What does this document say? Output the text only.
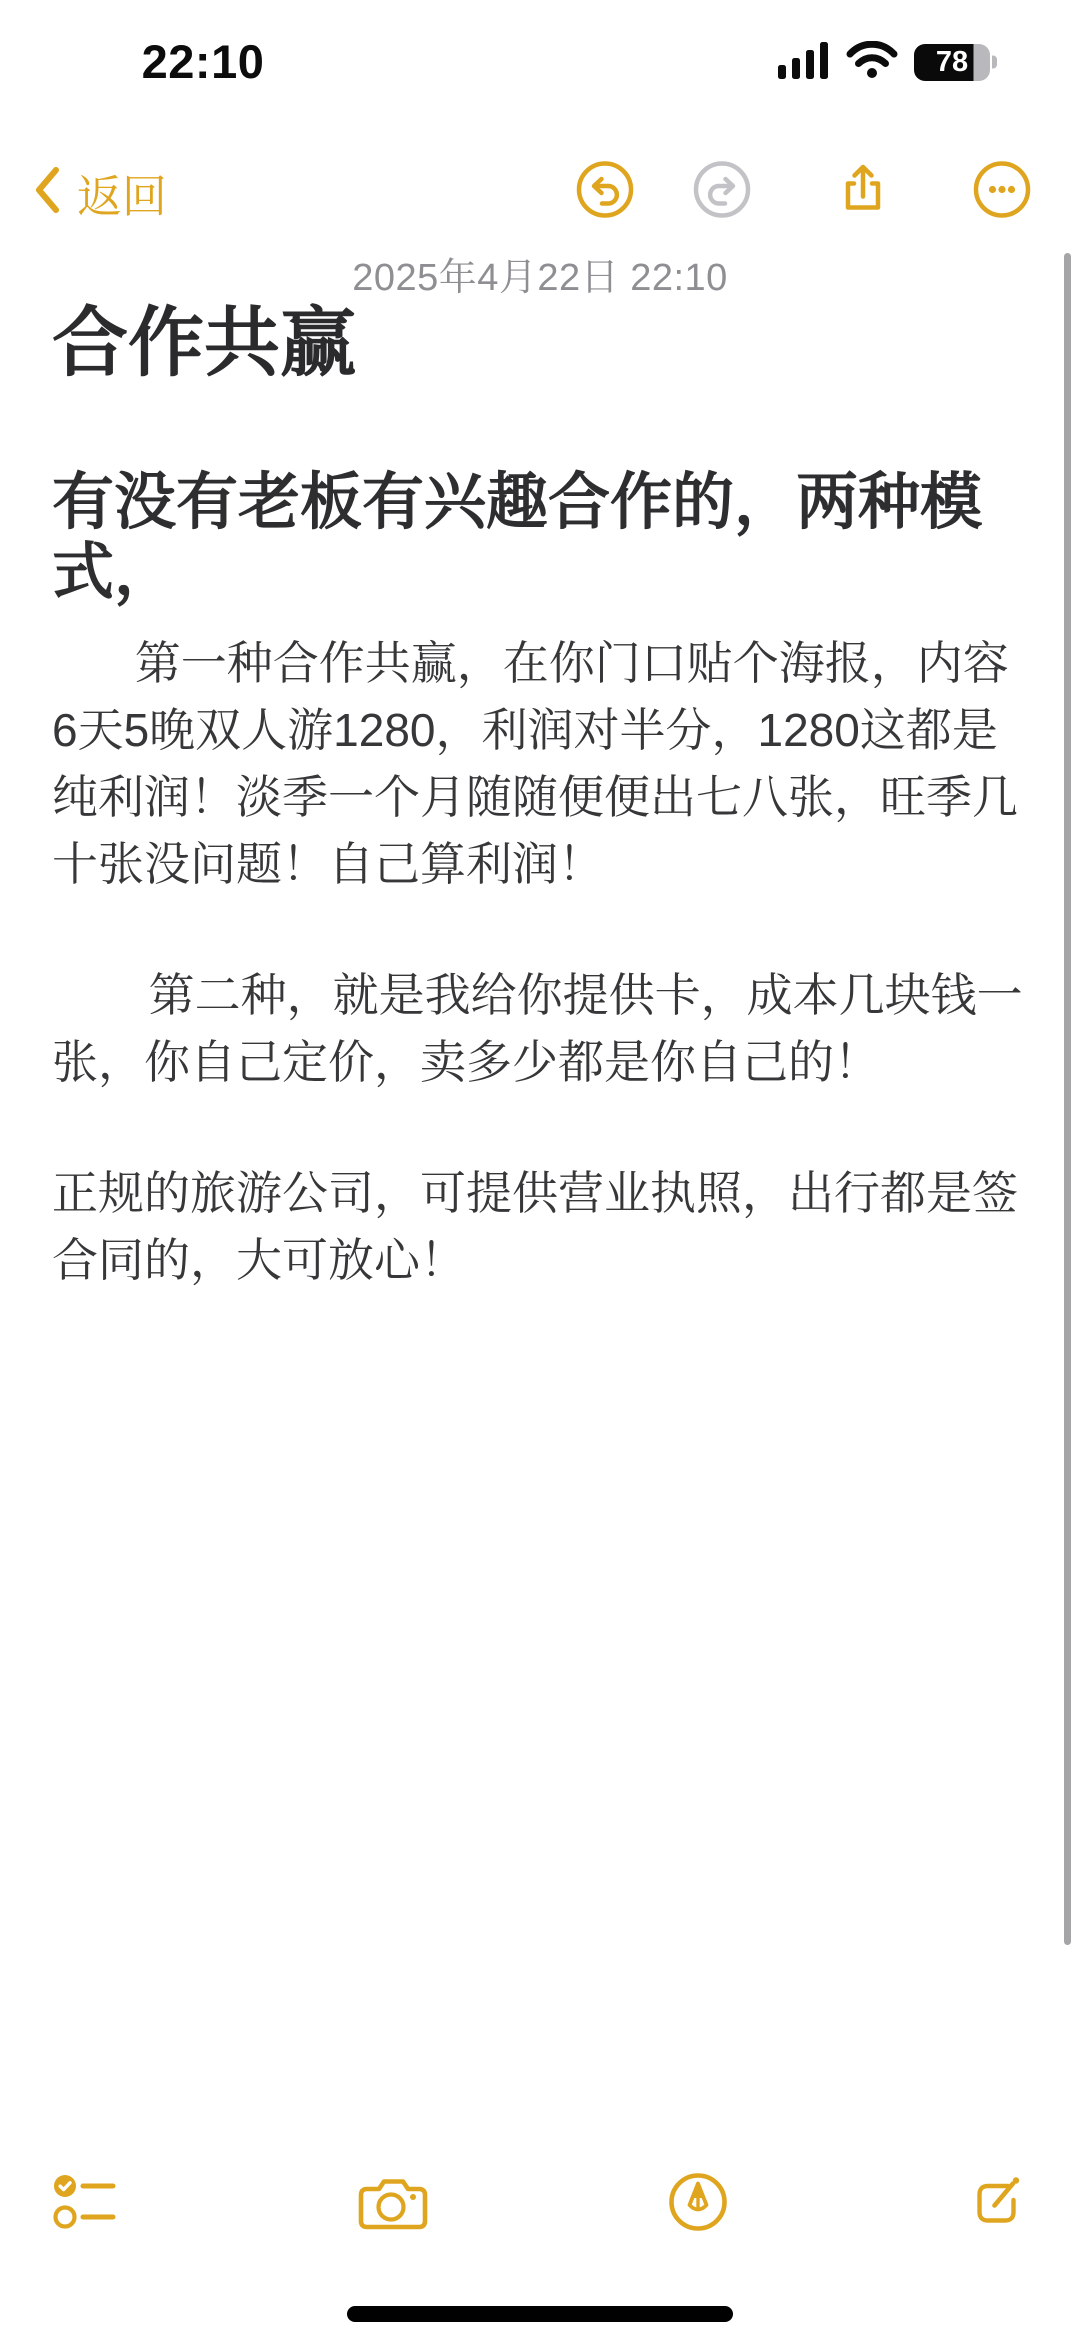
22:10	78
返回
2025年4月22日 22:10
合作共赢
有没有老板有兴趣合作的，两种模式，

第一种合作共赢，在你门口贴个海报，内容6天5晚双人游1280，利润对半分，1280这都是纯利润！淡季一个月随随便便出七八张，旺季几十张没问题！自己算利润！

第二种，就是我给你提供卡，成本几块钱一张，你自己定价，卖多少都是你自己的！

正规的旅游公司，可提供营业执照，出行都是签合同的，大可放心！
